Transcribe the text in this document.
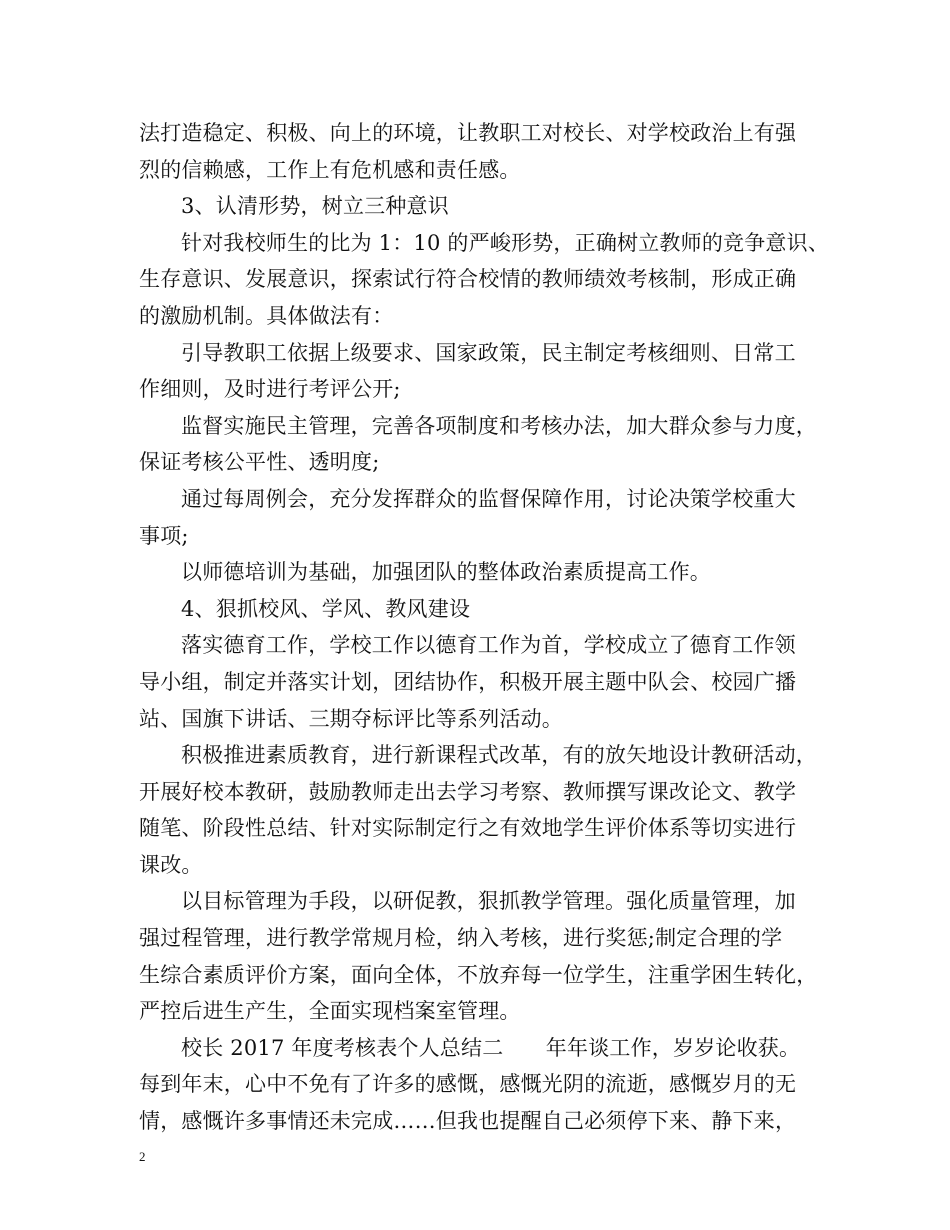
法打造稳定、积极、向上的环境，让教职工对校长、对学校政治上有强
烈的信赖感，工作上有危机感和责任感。
3、认清形势，树立三种意识
针对我校师生的比为 1：10 的严峻形势，正确树立教师的竞争意识、
生存意识、发展意识，探索试行符合校情的教师绩效考核制，形成正确
的激励机制。具体做法有：
引导教职工依据上级要求、国家政策，民主制定考核细则、日常工
作细则，及时进行考评公开;
监督实施民主管理，完善各项制度和考核办法，加大群众参与力度，
保证考核公平性、透明度;
通过每周例会，充分发挥群众的监督保障作用，讨论决策学校重大
事项;
以师德培训为基础，加强团队的整体政治素质提高工作。
4、狠抓校风、学风、教风建设
落实德育工作，学校工作以德育工作为首，学校成立了德育工作领
导小组，制定并落实计划，团结协作，积极开展主题中队会、校园广播
站、国旗下讲话、三期夺标评比等系列活动。
积极推进素质教育，进行新课程式改革，有的放矢地设计教研活动，
开展好校本教研，鼓励教师走出去学习考察、教师撰写课改论文、教学
随笔、阶段性总结、针对实际制定行之有效地学生评价体系等切实进行
课改。
以目标管理为手段，以研促教，狠抓教学管理。强化质量管理，加
强过程管理，进行教学常规月检，纳入考核，进行奖惩;制定合理的学
生综合素质评价方案，面向全体，不放弃每一位学生，注重学困生转化，
严控后进生产生，全面实现档案室管理。
校长 2017 年度考核表个人总结二　　年年谈工作，岁岁论收获。
每到年末，心中不免有了许多的感慨，感慨光阴的流逝，感慨岁月的无
情，感慨许多事情还未完成……但我也提醒自己必须停下来、静下来，
2
